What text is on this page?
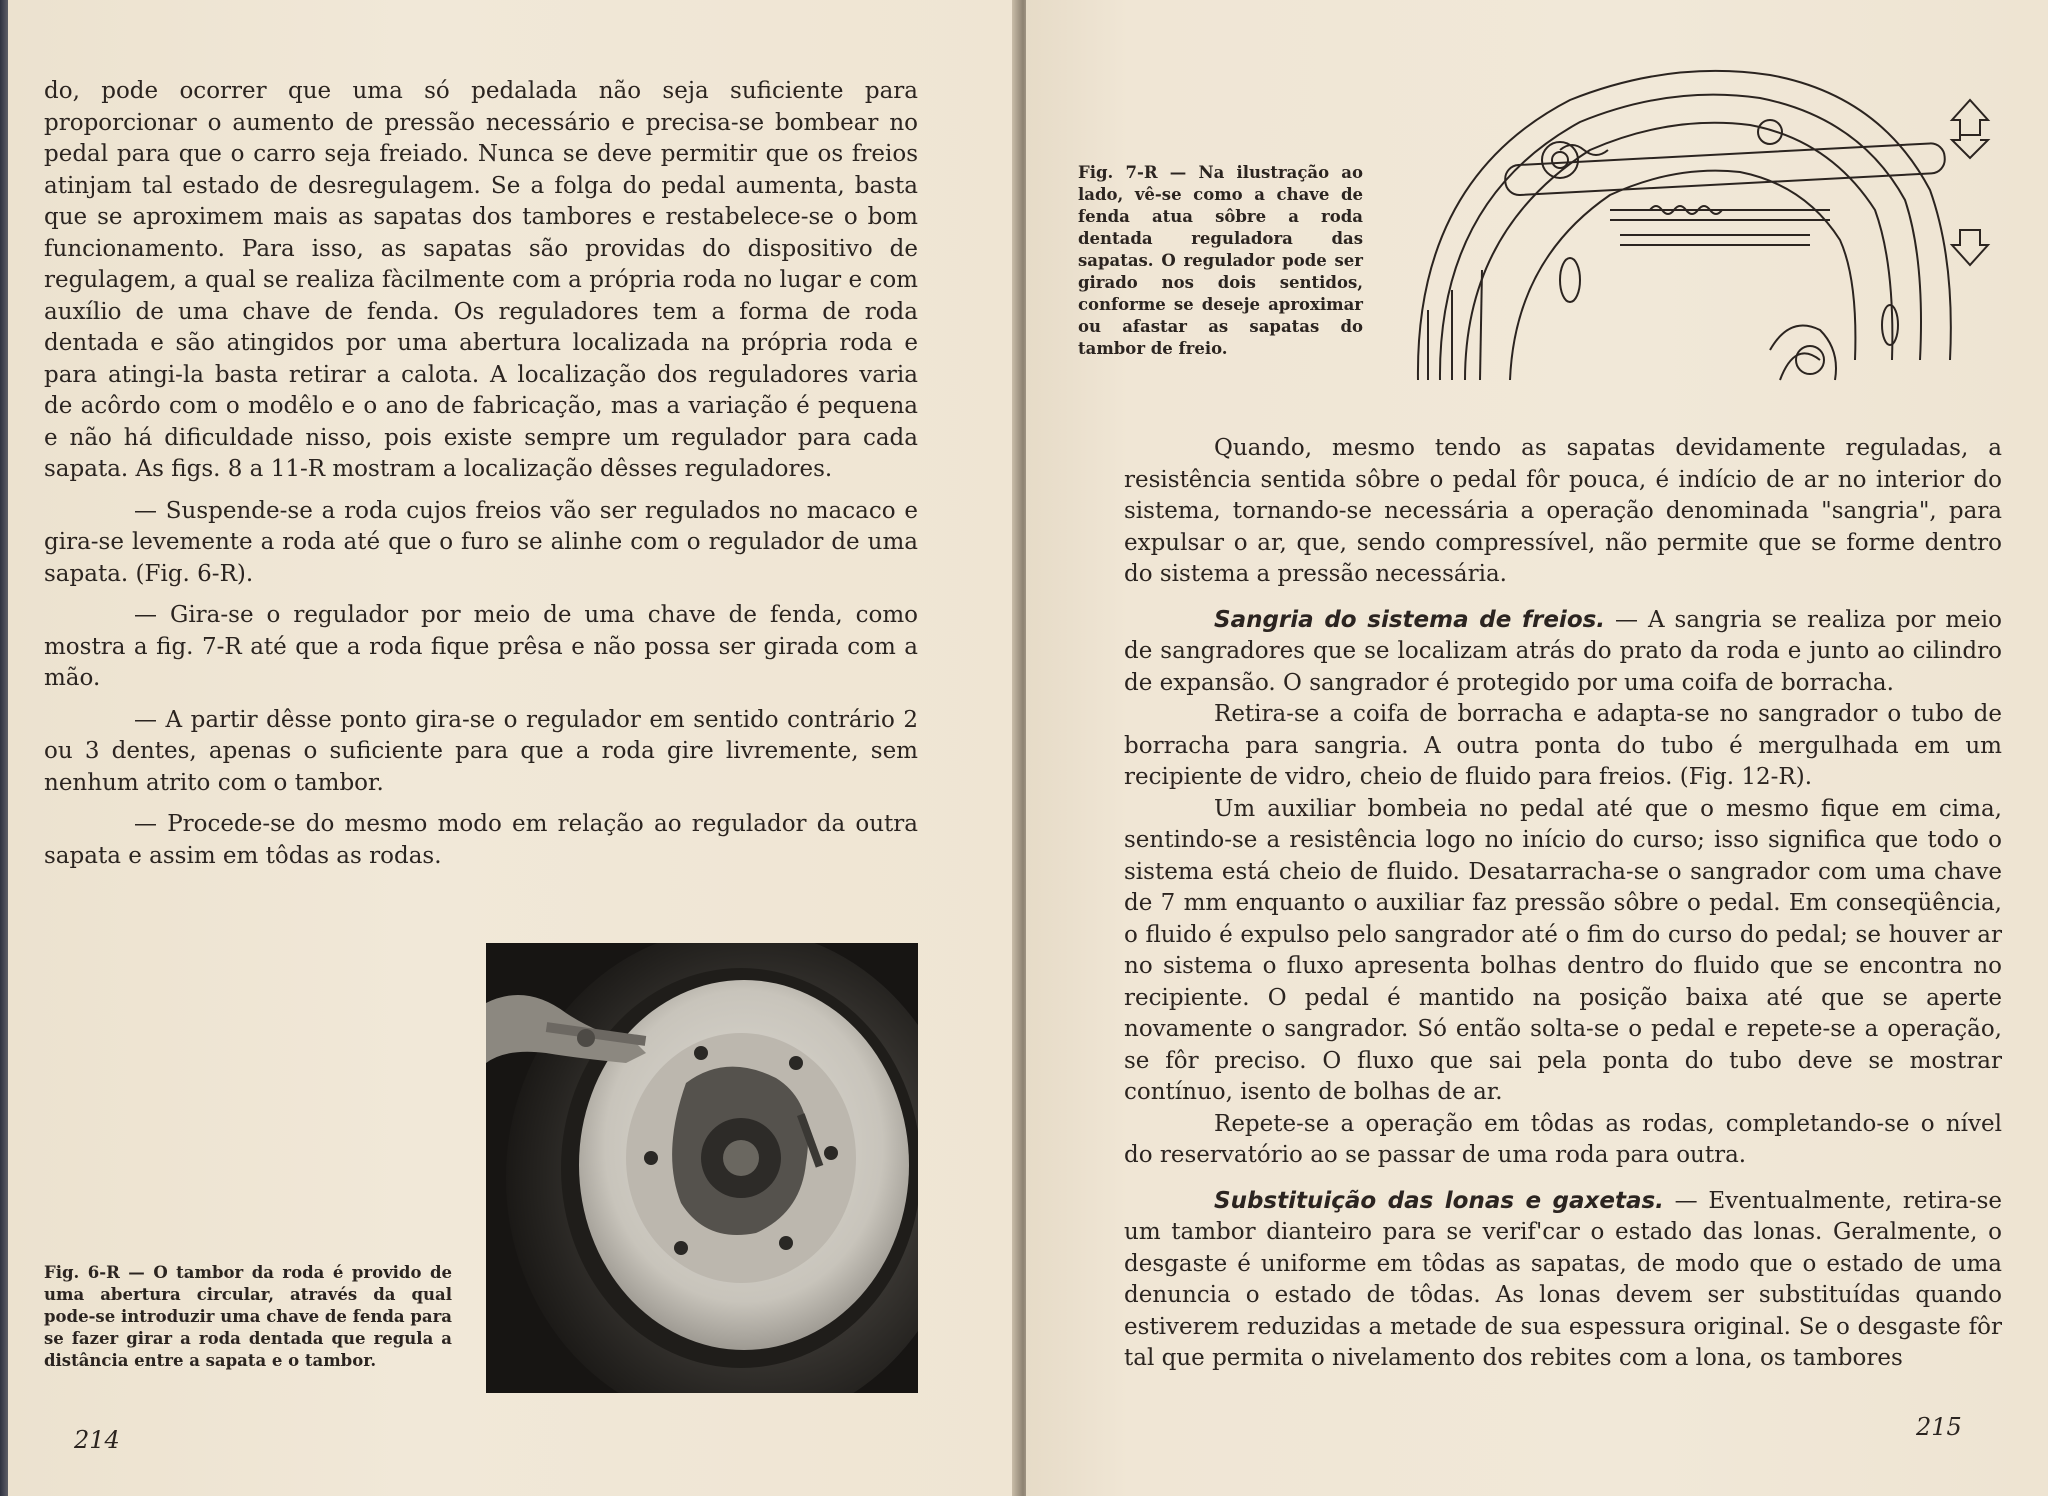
do, pode ocorrer que uma só pedalada não seja suficiente para proporcionar o aumento de pressão necessário e precisa-se bombear no pedal para que o carro seja freiado. Nunca se deve permitir que os freios atinjam tal estado de desregulagem. Se a folga do pedal aumenta, basta que se aproximem mais as sapatas dos tambores e restabelece-se o bom funcionamento. Para isso, as sapatas são providas do dispositivo de regulagem, a qual se realiza fàcilmente com a própria roda no lugar e com auxílio de uma chave de fenda. Os reguladores tem a forma de roda dentada e são atingidos por uma abertura localizada na própria roda e para atingi-la basta retirar a calota. A localização dos reguladores varia de acôrdo com o modêlo e o ano de fabricação, mas a variação é pequena e não há dificuldade nisso, pois existe sempre um regulador para cada sapata. As figs. 8 a 11-R mostram a localização dêsses reguladores.

— Suspende-se a roda cujos freios vão ser regulados no macaco e gira-se levemente a roda até que o furo se alinhe com o regulador de uma sapata. (Fig. 6-R).

— Gira-se o regulador por meio de uma chave de fenda, como mostra a fig. 7-R até que a roda fique prêsa e não possa ser girada com a mão.

— A partir dêsse ponto gira-se o regulador em sentido contrário 2 ou 3 dentes, apenas o suficiente para que a roda gire livremente, sem nenhum atrito com o tambor.

— Procede-se do mesmo modo em relação ao regulador da outra sapata e assim em tôdas as rodas.

Fig. 6-R — O tambor da roda é provido de uma abertura circular, através da qual pode-se introduzir uma chave de fenda para se fazer girar a roda dentada que regula a distância entre a sapata e o tambor.
214
Fig. 7-R — Na ilustração ao lado, vê-se como a chave de fenda atua sôbre a roda dentada reguladora das sapatas. O regulador pode ser girado nos dois sentidos, conforme se deseje aproximar ou afastar as sapatas do tambor de freio.

Quando, mesmo tendo as sapatas devidamente reguladas, a resistência sentida sôbre o pedal fôr pouca, é indício de ar no interior do sistema, tornando-se necessária a operação denominada "sangria", para expulsar o ar, que, sendo compressível, não permite que se forme dentro do sistema a pressão necessária.

Sangria do sistema de freios. — A sangria se realiza por meio de sangradores que se localizam atrás do prato da roda e junto ao cilindro de expansão. O sangrador é protegido por uma coifa de borracha.

Retira-se a coifa de borracha e adapta-se no sangrador o tubo de borracha para sangria. A outra ponta do tubo é mergulhada em um recipiente de vidro, cheio de fluido para freios. (Fig. 12-R).

Um auxiliar bombeia no pedal até que o mesmo fique em cima, sentindo-se a resistência logo no início do curso; isso significa que todo o sistema está cheio de fluido. Desatarracha-se o sangrador com uma chave de 7 mm enquanto o auxiliar faz pressão sôbre o pedal. Em conseqüência, o fluido é expulso pelo sangrador até o fim do curso do pedal; se houver ar no sistema o fluxo apresenta bolhas dentro do fluido que se encontra no recipiente. O pedal é mantido na posição baixa até que se aperte novamente o sangrador. Só então solta-se o pedal e repete-se a operação, se fôr preciso. O fluxo que sai pela ponta do tubo deve se mostrar contínuo, isento de bolhas de ar.

Repete-se a operação em tôdas as rodas, completando-se o nível do reservatório ao se passar de uma roda para outra.

Substituição das lonas e gaxetas. — Eventualmente, retira-se um tambor dianteiro para se verif'car o estado das lonas. Geralmente, o desgaste é uniforme em tôdas as sapatas, de modo que o estado de uma denuncia o estado de tôdas. As lonas devem ser substituídas quando estiverem reduzidas a metade de sua espessura original. Se o desgaste fôr tal que permita o nivelamento dos rebites com a lona, os tambores

215
